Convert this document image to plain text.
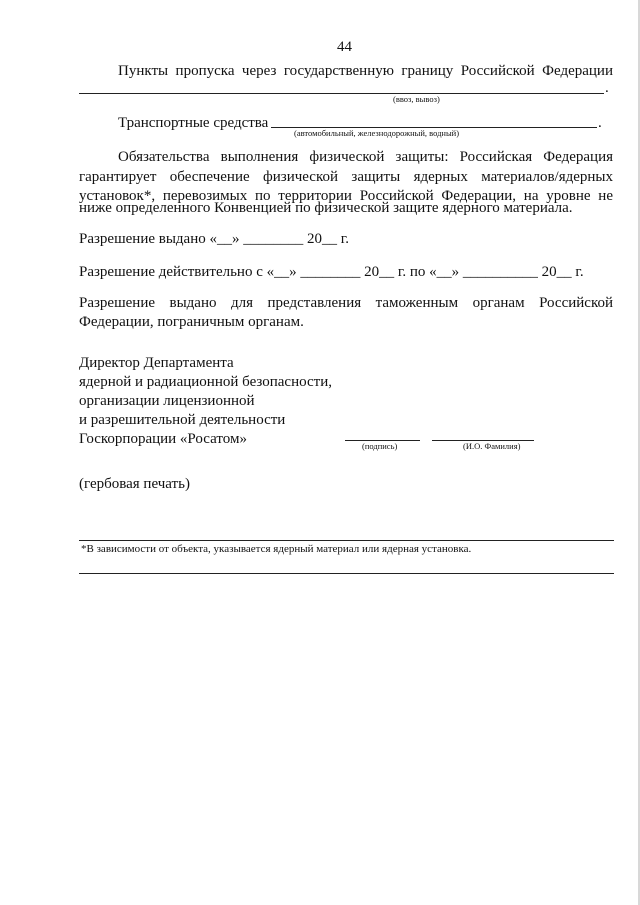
44
Пункты пропуска через государственную границу Российской Федерации
.
(ввоз, вывоз)
Транспортные средства	.
(автомобильный, железнодорожный, водный)
Обязательства выполнения физической защиты: Российская Федерация
гарантирует обеспечение физической защиты ядерных материалов/ядерных
установок*, перевозимых по территории Российской Федерации, на уровне не
ниже определенного Конвенцией по физической защите ядерного материала.
Разрешение выдано «__» ________ 20__ г.
Разрешение действительно с «__» ________ 20__ г. по «__» __________ 20__ г.
Разрешение выдано для представления таможенным органам Российской
Федерации, пограничным органам.
Директор Департамента
ядерной и радиационной безопасности,
организации лицензионной
и разрешительной деятельности
Госкорпорации «Росатом»	(подпись)	(И.О. Фамилия)
(гербовая печать)
*В зависимости от объекта, указывается ядерный материал или ядерная установка.
